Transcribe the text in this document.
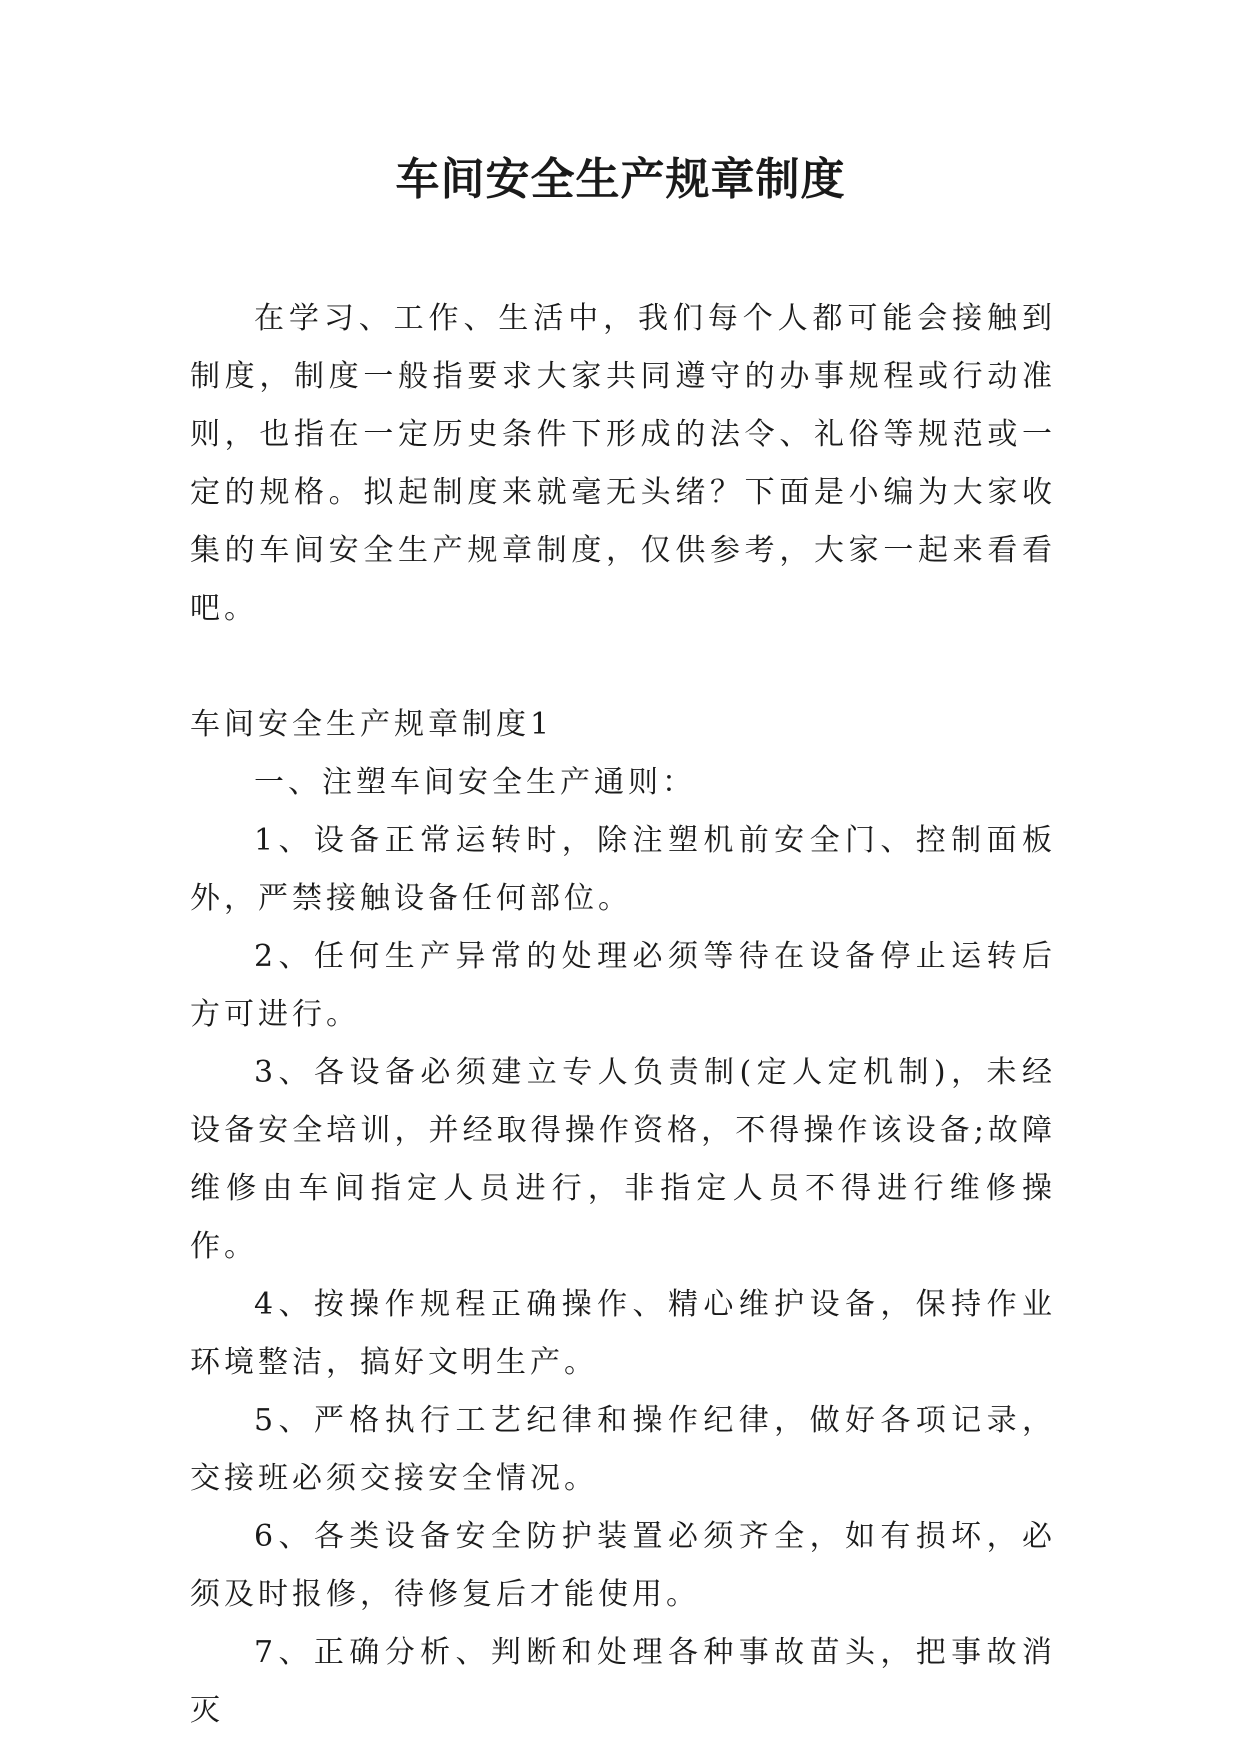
车间安全生产规章制度

在学习、工作、生活中，我们每个人都可能会接触到制度，制度一般指要求大家共同遵守的办事规程或行动准则，也指在一定历史条件下形成的法令、礼俗等规范或一定的规格。拟起制度来就毫无头绪？下面是小编为大家收集的车间安全生产规章制度，仅供参考，大家一起来看看吧。

车间安全生产规章制度1

一、注塑车间安全生产通则：

1、设备正常运转时，除注塑机前安全门、控制面板外，严禁接触设备任何部位。

2、任何生产异常的处理必须等待在设备停止运转后方可进行。

3、各设备必须建立专人负责制(定人定机制)，未经设备安全培训，并经取得操作资格，不得操作该设备;故障维修由车间指定人员进行，非指定人员不得进行维修操作。

4、按操作规程正确操作、精心维护设备，保持作业环境整洁，搞好文明生产。

5、严格执行工艺纪律和操作纪律，做好各项记录，交接班必须交接安全情况。

6、各类设备安全防护装置必须齐全，如有损坏，必须及时报修，待修复后才能使用。

7、正确分析、判断和处理各种事故苗头，把事故消灭
